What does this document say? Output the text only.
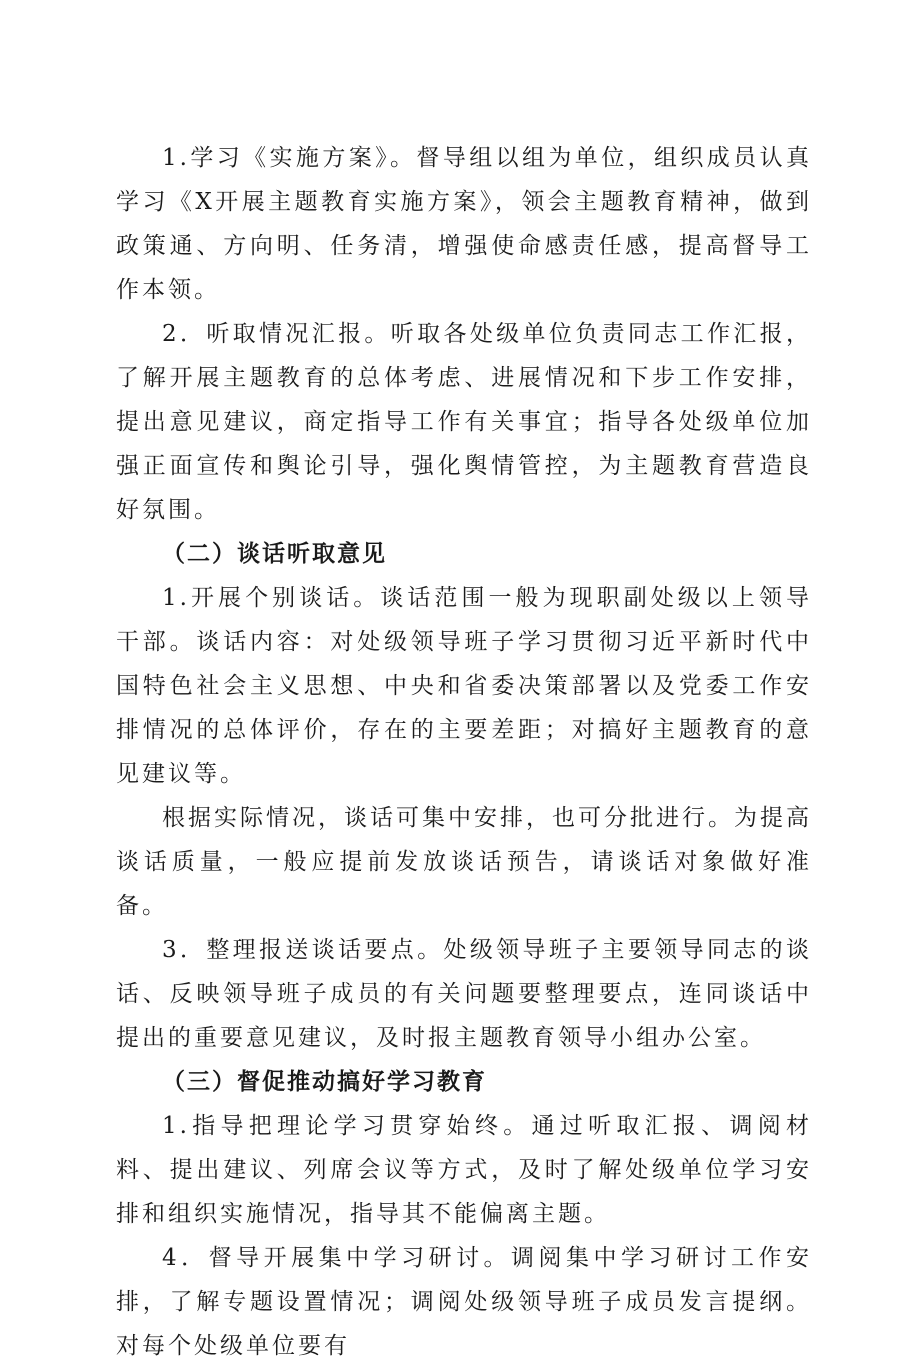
1.学习《实施方案》。督导组以组为单位，组织成员认真学习《X开展主题教育实施方案》，领会主题教育精神，做到政策通、方向明、任务清，增强使命感责任感，提高督导工作本领。

2．听取情况汇报。听取各处级单位负责同志工作汇报，了解开展主题教育的总体考虑、进展情况和下步工作安排，提出意见建议，商定指导工作有关事宜；指导各处级单位加强正面宣传和舆论引导，强化舆情管控，为主题教育营造良好氛围。

（二）谈话听取意见

1.开展个别谈话。谈话范围一般为现职副处级以上领导干部。谈话内容：对处级领导班子学习贯彻习近平新时代中国特色社会主义思想、中央和省委决策部署以及党委工作安排情况的总体评价，存在的主要差距；对搞好主题教育的意见建议等。

根据实际情况，谈话可集中安排，也可分批进行。为提高谈话质量，一般应提前发放谈话预告，请谈话对象做好准备。

3．整理报送谈话要点。处级领导班子主要领导同志的谈话、反映领导班子成员的有关问题要整理要点，连同谈话中提出的重要意见建议，及时报主题教育领导小组办公室。

（三）督促推动搞好学习教育

1.指导把理论学习贯穿始终。通过听取汇报、调阅材料、提出建议、列席会议等方式，及时了解处级单位学习安排和组织实施情况，指导其不能偏离主题。

4．督导开展集中学习研讨。调阅集中学习研讨工作安排，了解专题设置情况；调阅处级领导班子成员发言提纲。对每个处级单位要有
